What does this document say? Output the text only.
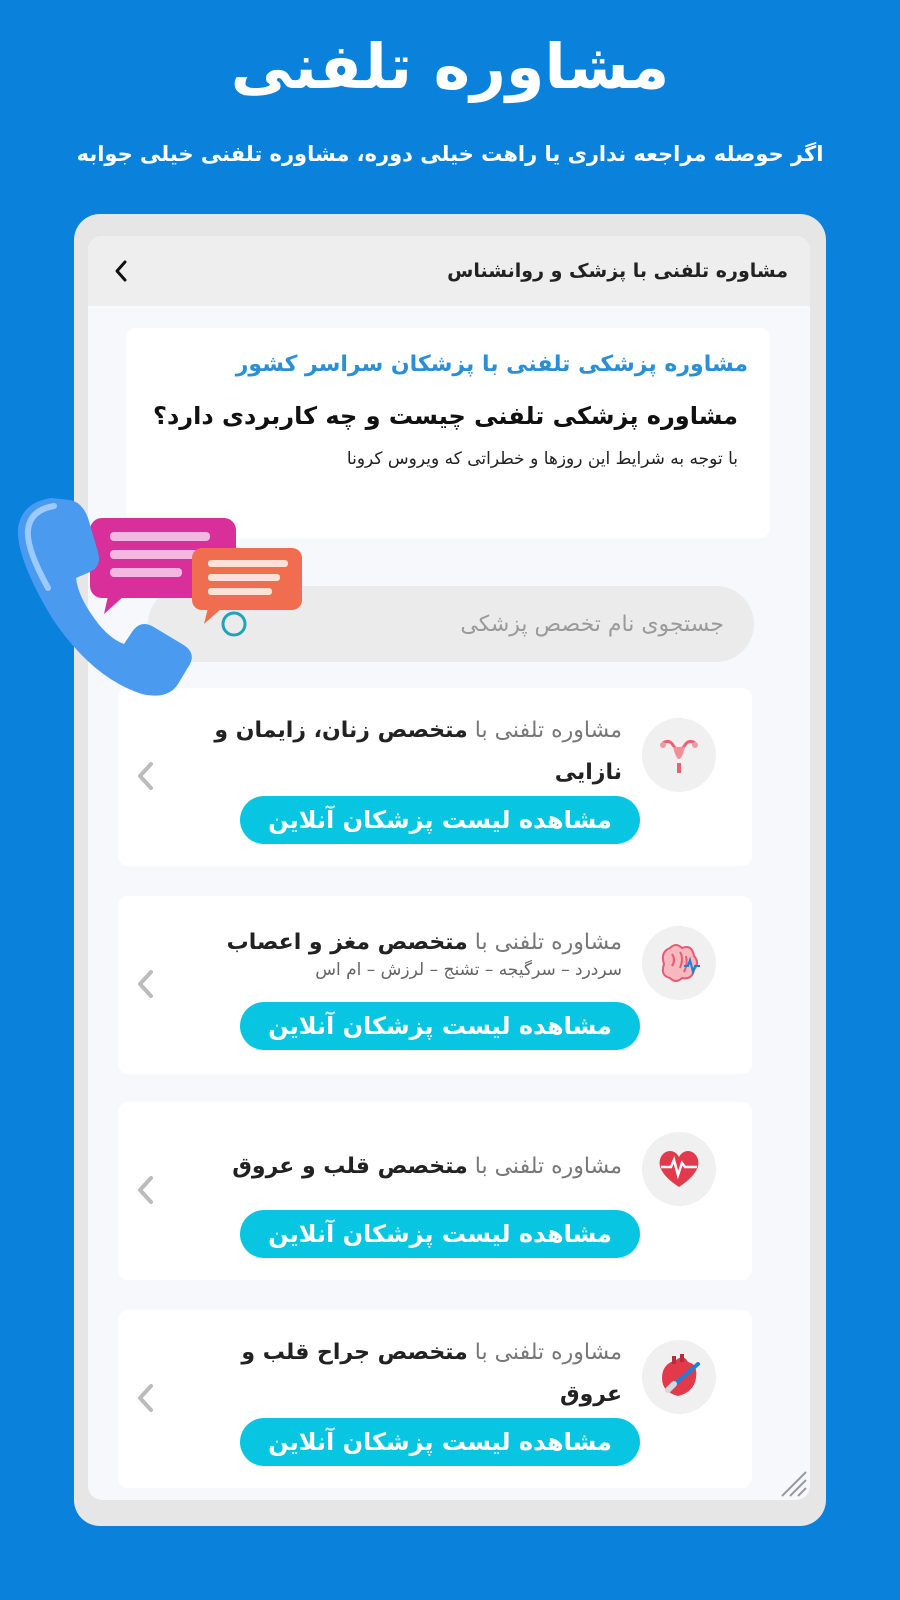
مشاوره تلفنی
اگر حوصله مراجعه نداری یا راهت خیلی دوره، مشاوره تلفنی خیلی جوابه
مشاوره تلفنی با پزشک و روانشناس
مشاوره پزشکی تلفنی با پزشکان سراسر کشور
مشاوره پزشکی تلفنی چیست و چه کاربردی دارد؟
با توجه به شرایط این روزها و خطراتی که ویروس کرونا
جستجوی نام تخصص پزشکی
مشاوره تلفنی با متخصص زنان، زایمان و نازایی
مشاهده لیست پزشکان آنلاین
مشاوره تلفنی با متخصص مغز و اعصاب
سردرد – سرگیجه – تشنج – لرزش – ام اس
مشاهده لیست پزشکان آنلاین
مشاوره تلفنی با متخصص قلب و عروق
مشاهده لیست پزشکان آنلاین
مشاوره تلفنی با متخصص جراح قلب و عروق
مشاهده لیست پزشکان آنلاین
